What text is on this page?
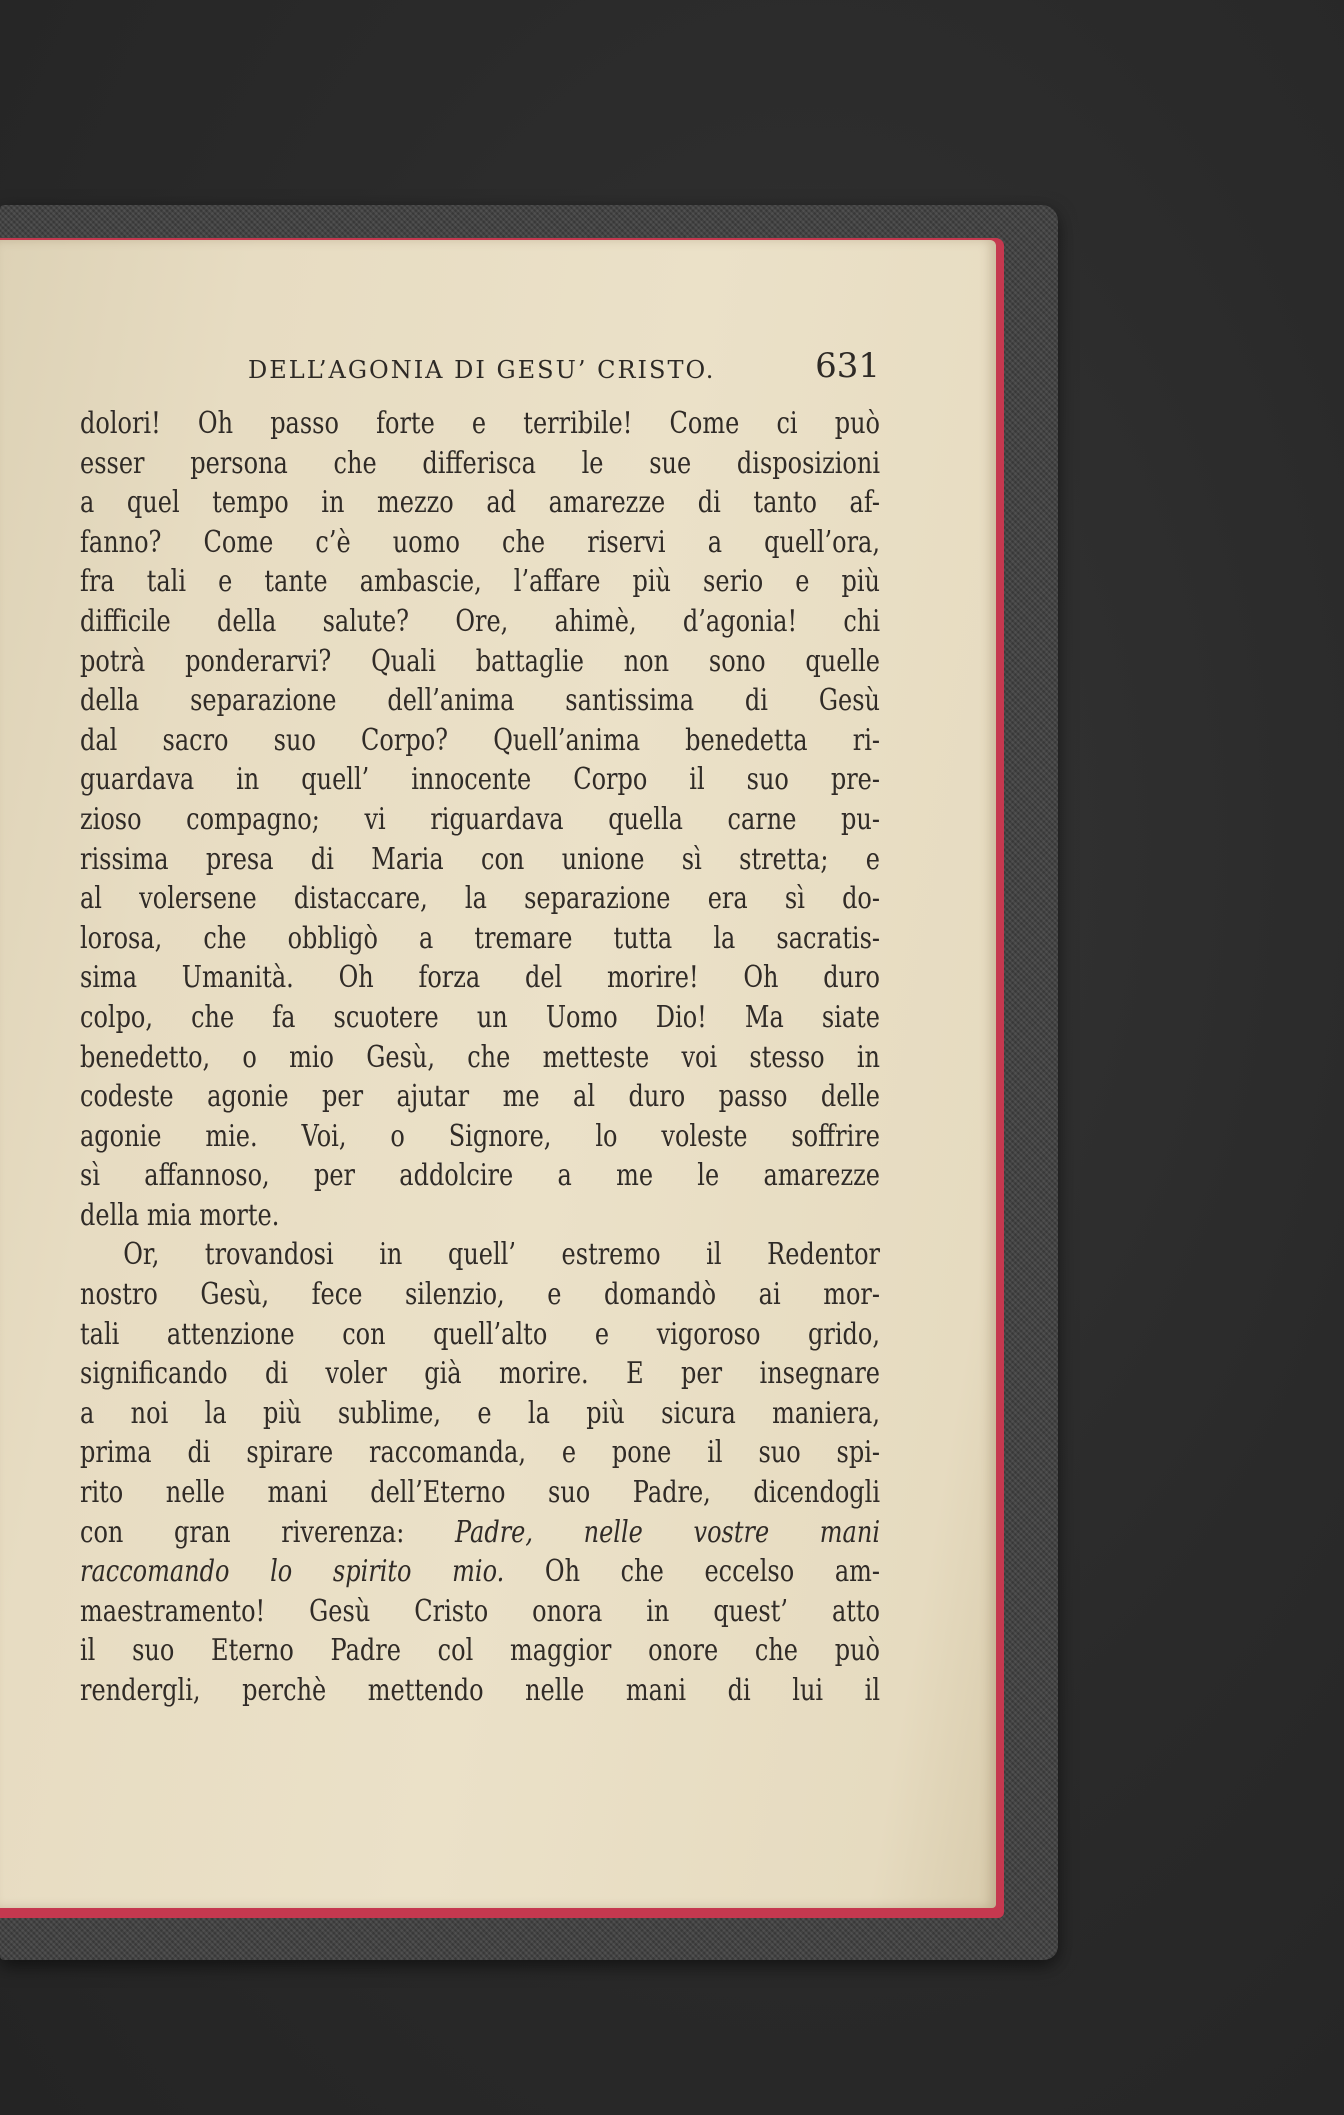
DELL’AGONIA DI GESU’ CRISTO.	631
dolori! Oh passo forte e terribile! Come ci può
esser persona che differisca le sue disposizioni
a quel tempo in mezzo ad amarezze di tanto af-
fanno? Come c’è uomo che riservi a quell’ora,
fra tali e tante ambascie, l’affare più serio e più
difficile della salute? Ore, ahimè, d’agonia! chi
potrà ponderarvi? Quali battaglie non sono quelle
della separazione dell’anima santissima di Gesù
dal sacro suo Corpo? Quell’anima benedetta ri-
guardava in quell’ innocente Corpo il suo pre-
zioso compagno; vi riguardava quella carne pu-
rissima presa di Maria con unione sì stretta; e
al volersene distaccare, la separazione era sì do-
lorosa, che obbligò a tremare tutta la sacratis-
sima Umanità. Oh forza del morire! Oh duro
colpo, che fa scuotere un Uomo Dio! Ma siate
benedetto, o mio Gesù, che metteste voi stesso in
codeste agonie per ajutar me al duro passo delle
agonie mie. Voi, o Signore, lo voleste soffrire
sì affannoso, per addolcire a me le amarezze
della mia morte.
Or, trovandosi in quell’ estremo il Redentor
nostro Gesù, fece silenzio, e domandò ai mor-
tali attenzione con quell’alto e vigoroso grido,
significando di voler già morire. E per insegnare
a noi la più sublime, e la più sicura maniera,
prima di spirare raccomanda, e pone il suo spi-
rito nelle mani dell’Eterno suo Padre, dicendogli
con gran riverenza: Padre, nelle vostre mani
raccomando lo spirito mio. Oh che eccelso am-
maestramento! Gesù Cristo onora in quest’ atto
il suo Eterno Padre col maggior onore che può
rendergli, perchè mettendo nelle mani di lui il
